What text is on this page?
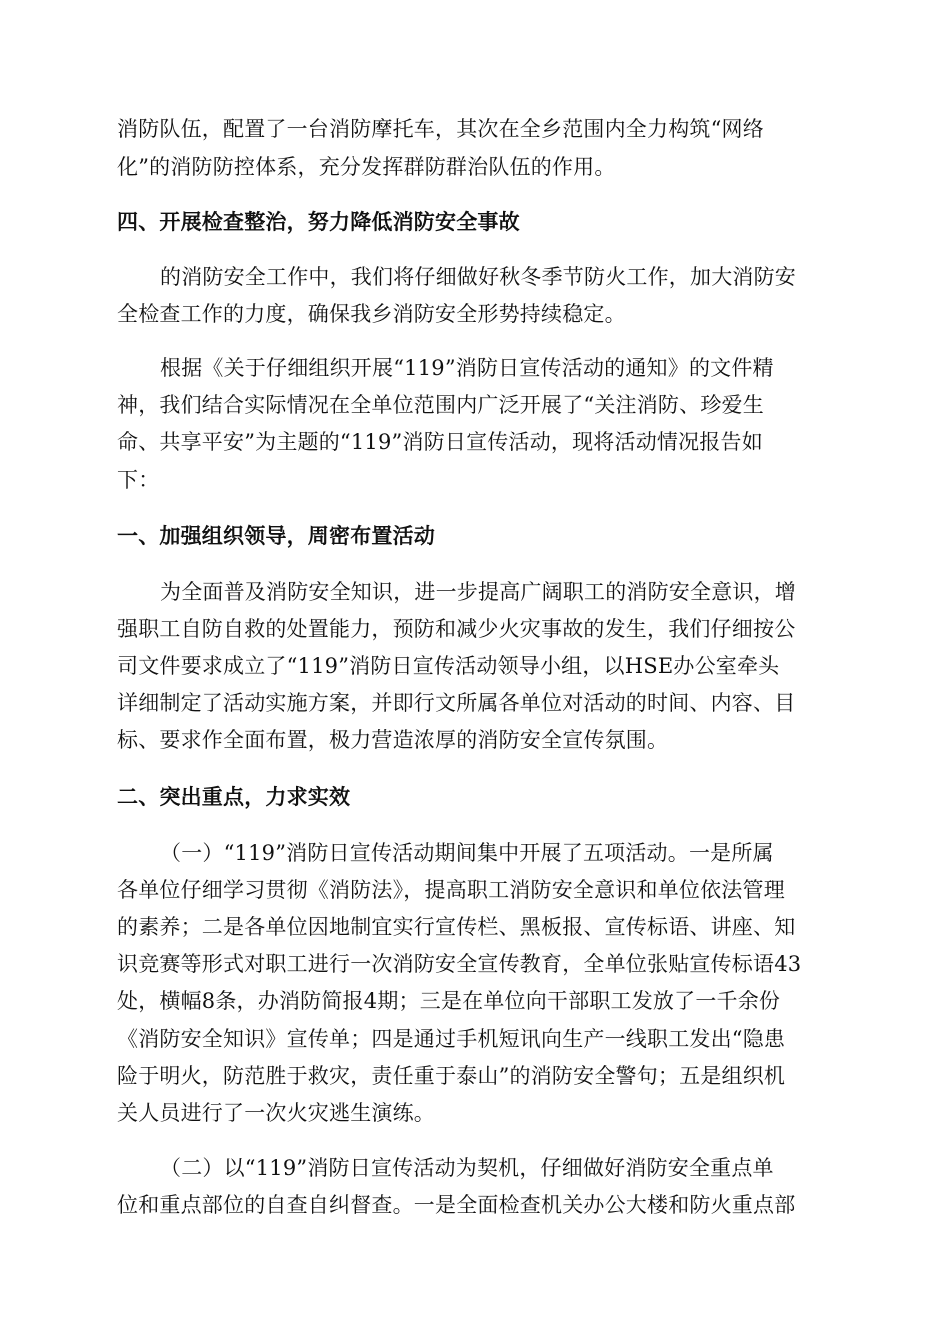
消防队伍，配置了一台消防摩托车，其次在全乡范围内全力构筑“网络
化”的消防防控体系，充分发挥群防群治队伍的作用。
四、开展检查整治，努力降低消防安全事故
的消防安全工作中，我们将仔细做好秋冬季节防火工作，加大消防安
全检查工作的力度，确保我乡消防安全形势持续稳定。
根据《关于仔细组织开展“119”消防日宣传活动的通知》的文件精
神，我们结合实际情况在全单位范围内广泛开展了“关注消防、珍爱生
命、共享平安”为主题的“119”消防日宣传活动，现将活动情况报告如
下：
一、加强组织领导，周密布置活动
为全面普及消防安全知识，进一步提高广阔职工的消防安全意识，增
强职工自防自救的处置能力，预防和减少火灾事故的发生，我们仔细按公
司文件要求成立了“119”消防日宣传活动领导小组，以HSE办公室牵头
详细制定了活动实施方案，并即行文所属各单位对活动的时间、内容、目
标、要求作全面布置，极力营造浓厚的消防安全宣传氛围。
二、突出重点，力求实效
（一）“119”消防日宣传活动期间集中开展了五项活动。一是所属
各单位仔细学习贯彻《消防法》，提高职工消防安全意识和单位依法管理
的素养；二是各单位因地制宜实行宣传栏、黑板报、宣传标语、讲座、知
识竞赛等形式对职工进行一次消防安全宣传教育，全单位张贴宣传标语43
处，横幅8条，办消防简报4期；三是在单位向干部职工发放了一千余份
《消防安全知识》宣传单；四是通过手机短讯向生产一线职工发出“隐患
险于明火，防范胜于救灾，责任重于泰山”的消防安全警句；五是组织机
关人员进行了一次火灾逃生演练。
（二）以“119”消防日宣传活动为契机，仔细做好消防安全重点单
位和重点部位的自查自纠督查。一是全面检查机关办公大楼和防火重点部
